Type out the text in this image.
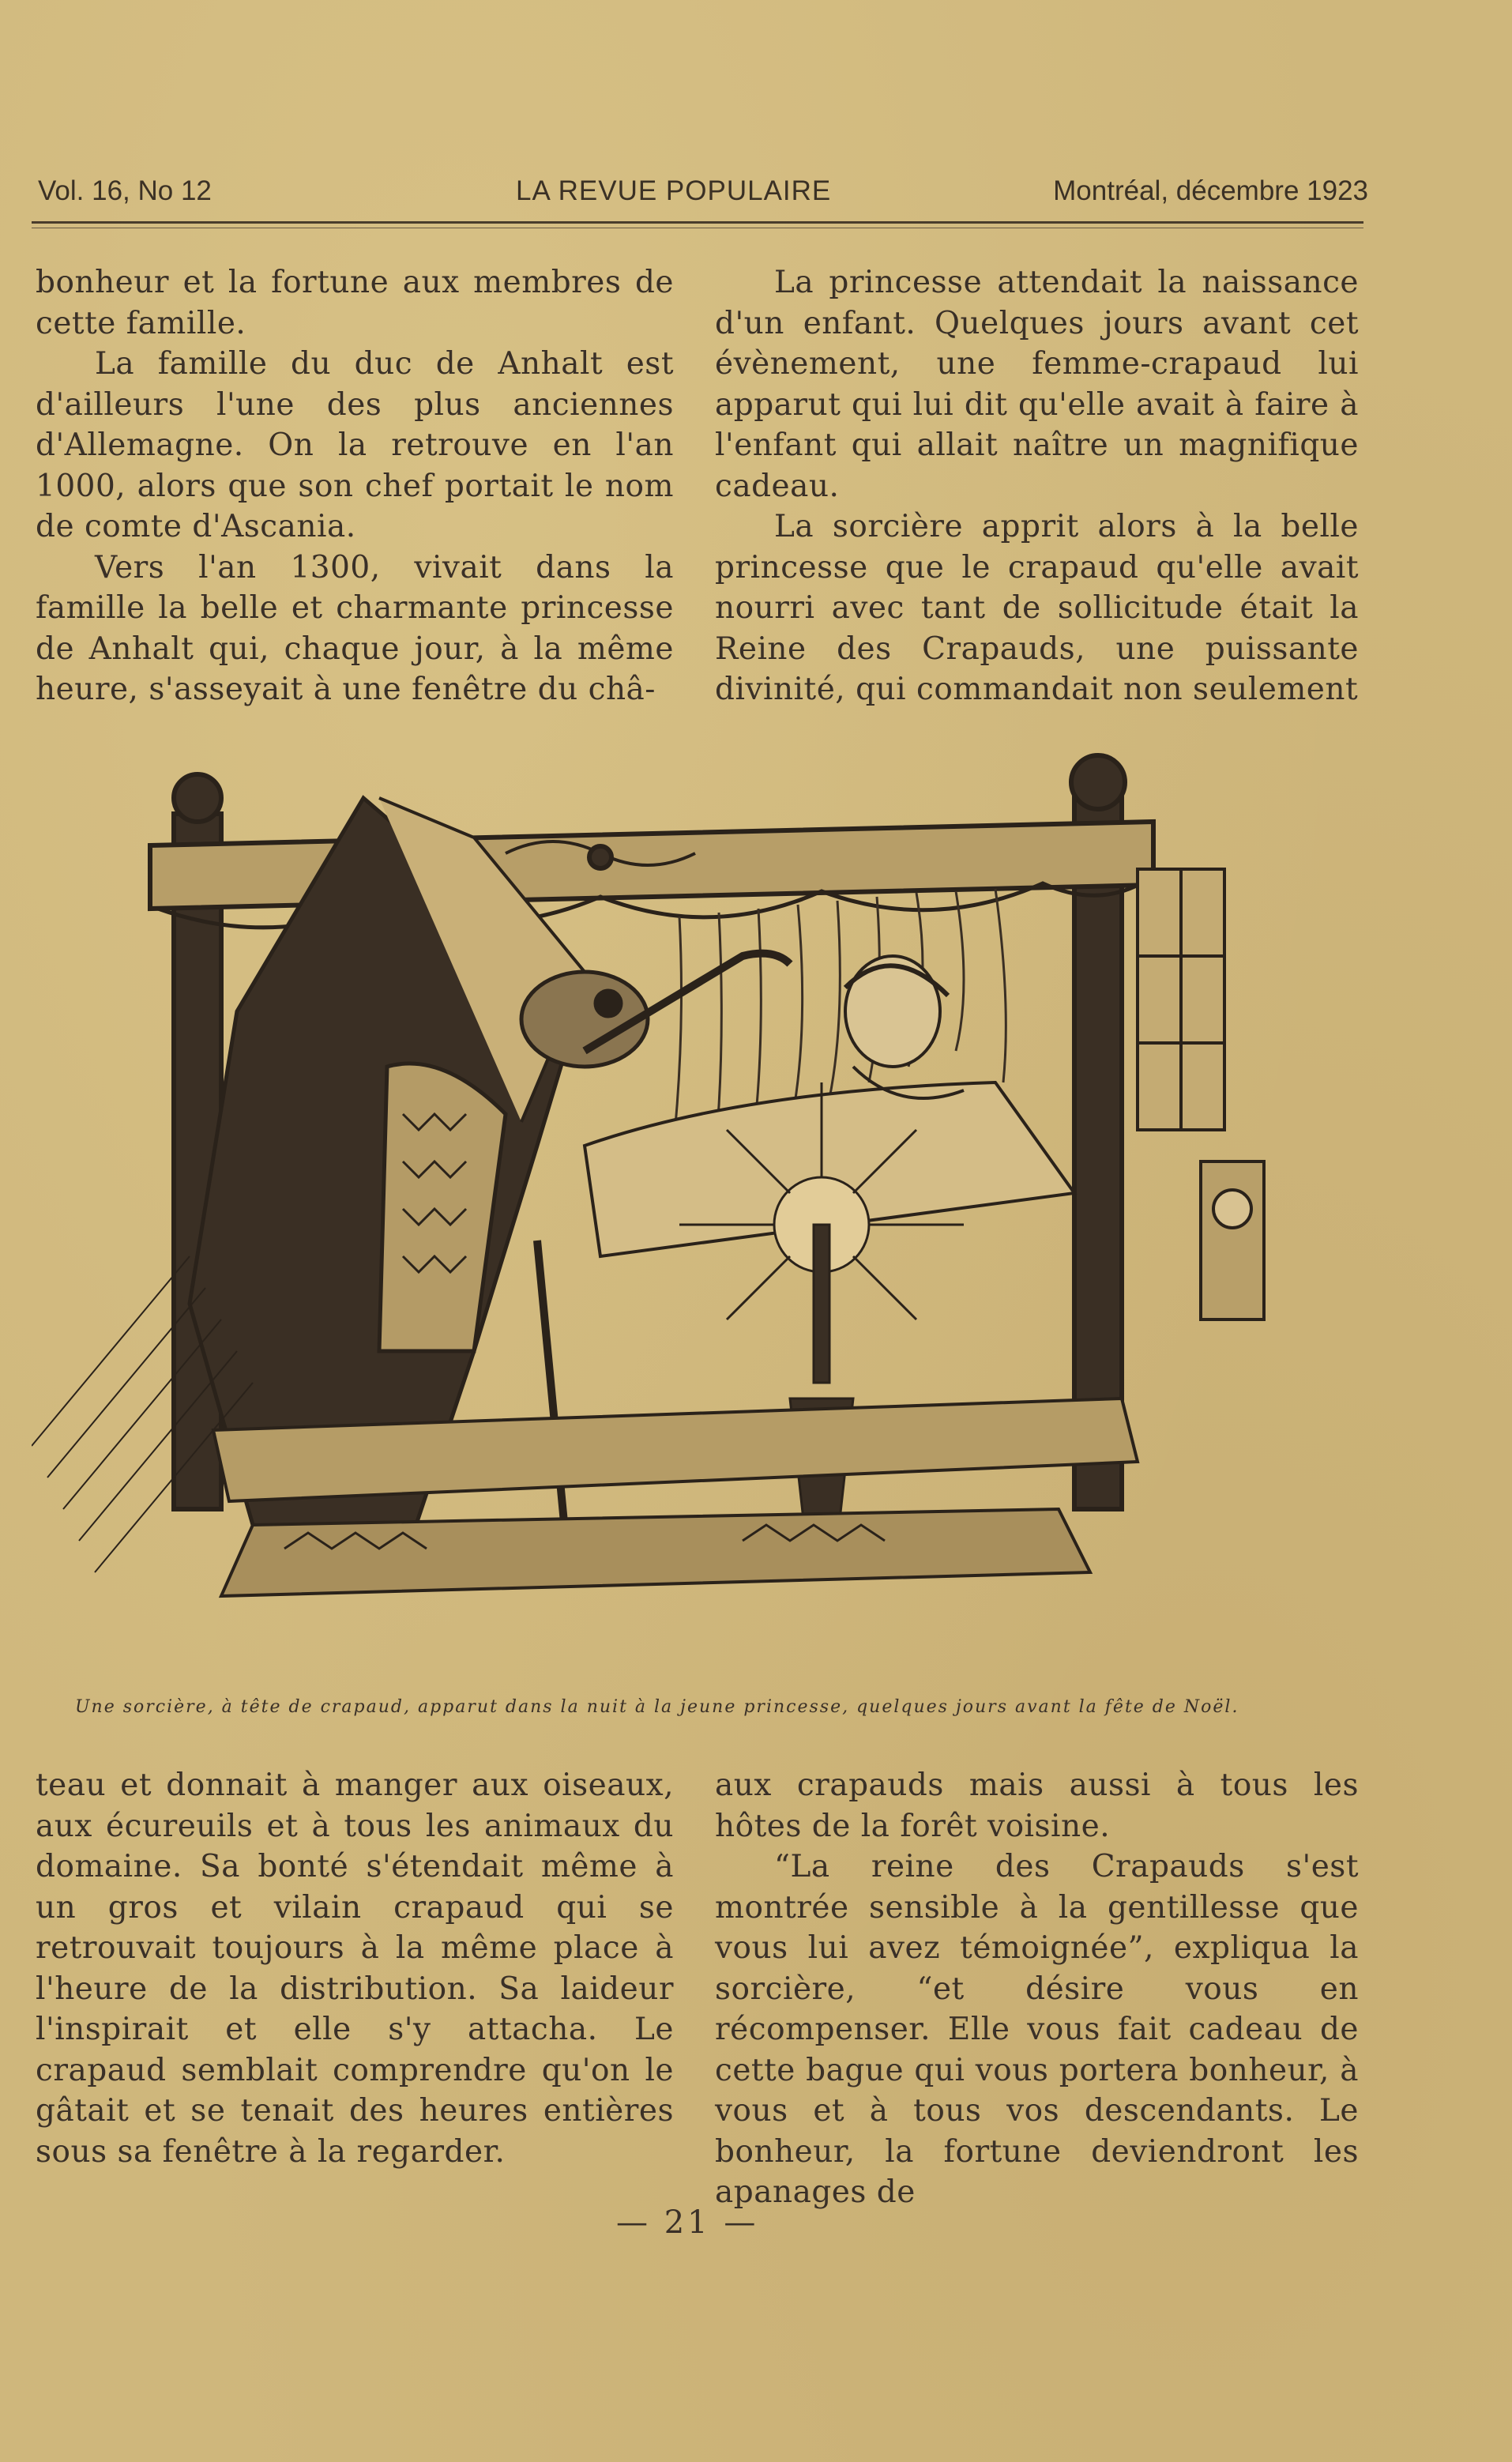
Vol. 16, No 12	LA REVUE POPULAIRE	Montréal, décembre 1923

bonheur et la fortune aux membres de cette famille.

La famille du duc de Anhalt est d'ailleurs l'une des plus anciennes d'Allemagne. On la retrouve en l'an 1000, alors que son chef portait le nom de comte d'Ascania.

Vers l'an 1300, vivait dans la famille la belle et charmante princesse de Anhalt qui, chaque jour, à la même heure, s'asseyait à une fenêtre du châ-

La princesse attendait la naissance d'un enfant. Quelques jours avant cet évènement, une femme-crapaud lui apparut qui lui dit qu'elle avait à faire à l'enfant qui allait naître un magnifique cadeau.

La sorcière apprit alors à la belle princesse que le crapaud qu'elle avait nourri avec tant de sollicitude était la Reine des Crapauds, une puissante divinité, qui commandait non seulement

Une sorcière, à tête de crapaud, apparut dans la nuit à la jeune princesse, quelques jours avant la fête de Noël.

teau et donnait à manger aux oiseaux, aux écureuils et à tous les animaux du domaine. Sa bonté s'étendait même à un gros et vilain crapaud qui se retrouvait toujours à la même place à l'heure de la distribution. Sa laideur l'inspirait et elle s'y attacha. Le crapaud semblait comprendre qu'on le gâtait et se tenait des heures entières sous sa fenêtre à la regarder.

aux crapauds mais aussi à tous les hôtes de la forêt voisine.

“La reine des Crapauds s'est montrée sensible à la gentillesse que vous lui avez témoignée”, expliqua la sorcière, “et désire vous en récompenser. Elle vous fait cadeau de cette bague qui vous portera bonheur, à vous et à tous vos descendants. Le bonheur, la fortune deviendront les apanages de

— 21 —
